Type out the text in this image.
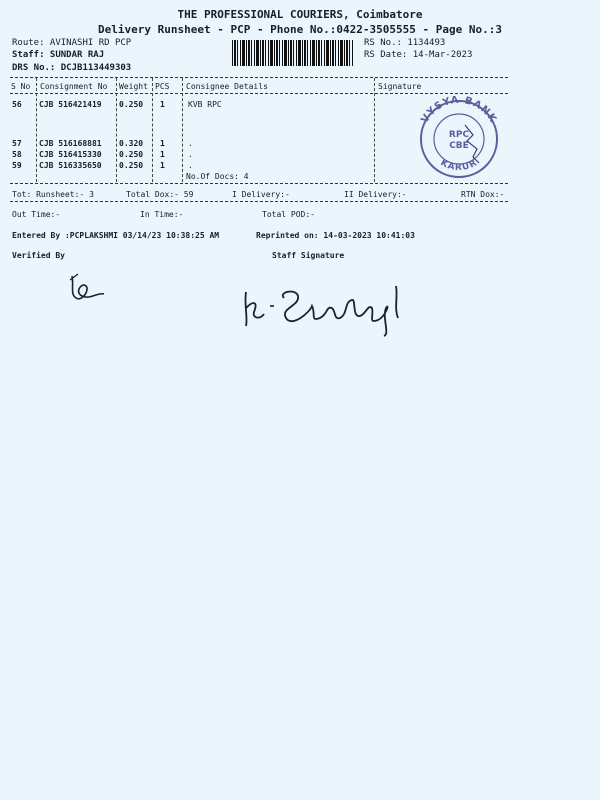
THE PROFESSIONAL COURIERS, Coimbatore
Delivery Runsheet - PCP - Phone No.:0422-3505555 - Page No.:3
Route: AVINASHI RD PCP
Staff: SUNDAR RAJ
DRS No.: DCJB113449303
RS No.: 1134493
RS Date: 14-Mar-2023
S No Consignment No Weight PCS Consignee Details	Signature
56 CJB 516421419 0.250 1	KVB RPC
57 CJB 516168881 0.320 1	.
58 CJB 516415330 0.250 1	.
59 CJB 516335650 0.250 1	.
No.Of Docs: 4
VYSYA BANK
KARUR
RPC
CBE
Tot: Runsheet:- 3	Total Dox:- 59	I Delivery:-	II Delivery:-	RTN Dox:-
Out Time:-	In Time:-	Total POD:-
Entered By :PCPLAKSHMI 03/14/23 10:38:25 AM	Reprinted on: 14-03-2023 10:41:03
Verified By	Staff Signature
